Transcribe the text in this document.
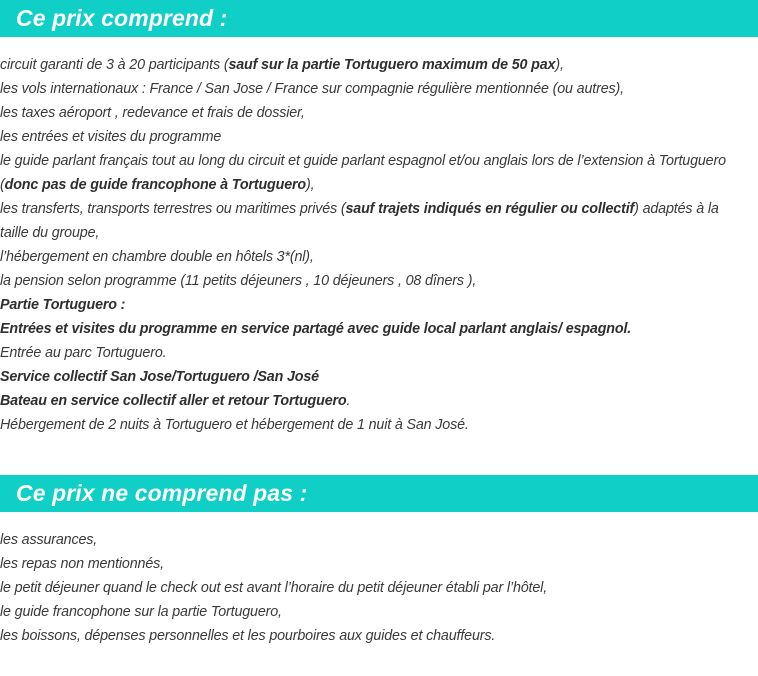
Ce prix comprend :
circuit garanti de 3 à 20 participants (sauf sur la partie Tortuguero maximum de 50 pax),
les vols internationaux : France / San Jose / France sur compagnie régulière mentionnée (ou autres),
les taxes aéroport , redevance et frais de dossier,
les entrées et visites du programme
le guide parlant français tout au long du circuit et guide parlant espagnol et/ou anglais lors de l’extension à Tortuguero
(donc pas de guide francophone à Tortuguero),
les transferts, transports terrestres ou maritimes privés (sauf trajets indiqués en régulier ou collectif) adaptés à la
taille du groupe,
l’hébergement en chambre double en hôtels 3*(nl),
la pension selon programme (11 petits déjeuners , 10 déjeuners , 08 dîners ),
Partie Tortuguero :
Entrées et visites du programme en service partagé avec guide local parlant anglais/ espagnol.
Entrée au parc Tortuguero.
Service collectif San Jose/Tortuguero /San José
Bateau en service collectif aller et retour Tortuguero.
Hébergement de 2 nuits à Tortuguero et hébergement de 1 nuit à San José.
Ce prix ne comprend pas :
les assurances,
les repas non mentionnés,
le petit déjeuner quand le check out est avant l’horaire du petit déjeuner établi par l’hôtel,
le guide francophone sur la partie Tortuguero,
les boissons, dépenses personnelles et les pourboires aux guides et chauffeurs.
